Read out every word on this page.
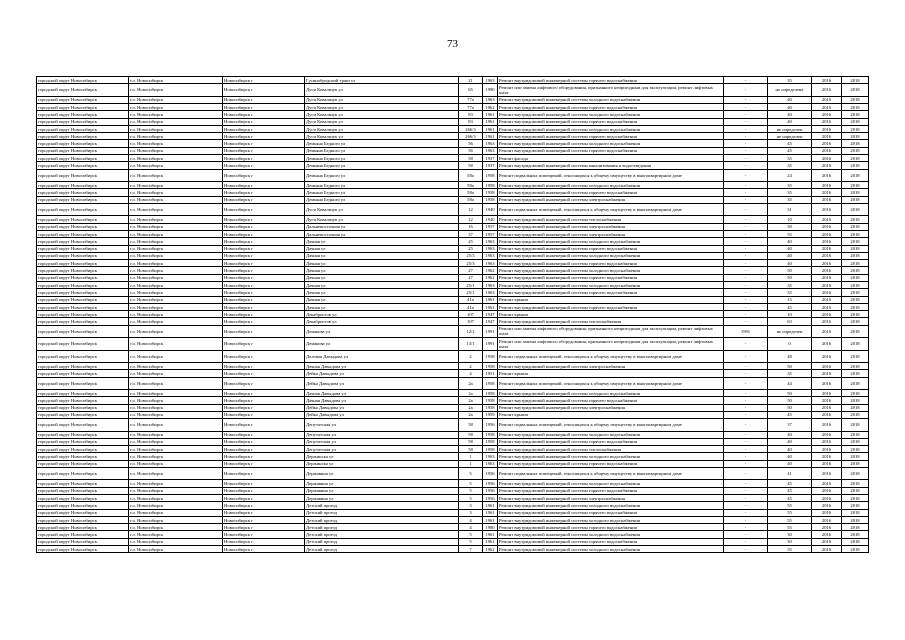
73
городской округ Новосибирск	г.о. Новосибирск	Новосибирск г	Гусинобродский тракт ш	21	1963	Ремонт внутридомовой инженерной системы горячего водоснабжения	-	35	2016	2018
городской округ Новосибирск	г.о. Новосибирск	Новосибирск г	Дуси Ковальчук ул	65	1990	Ремонт или замена лифтового оборудования, признанного непригодным для эксплуатации, ремонт лифтовых шахт	-	не определена	2016	2018
городской округ Новосибирск	г.о. Новосибирск	Новосибирск г	Дуси Ковальчук ул	77а	1963	Ремонт внутридомовой инженерной системы холодного водоснабжения	-	40	2016	2018
городской округ Новосибирск	г.о. Новосибирск	Новосибирск г	Дуси Ковальчук ул	77а	1962	Ремонт внутридомовой инженерной системы горячего водоснабжения	-	40	2016	2018
городской округ Новосибирск	г.о. Новосибирск	Новосибирск г	Дуси Ковальчук ул	83	1961	Ремонт внутридомовой инженерной системы холодного водоснабжения	-	40	2016	2018
городской округ Новосибирск	г.о. Новосибирск	Новосибирск г	Дуси Ковальчук ул	83	1961	Ремонт внутридомовой инженерной системы горячего водоснабжения	-	40	2016	2018
городской округ Новосибирск	г.о. Новосибирск	Новосибирск г	Дуси Ковальчук ул	266/3	1961	Ремонт внутридомовой инженерной системы холодного водоснабжения	-	не определен	2016	2018
городской округ Новосибирск	г.о. Новосибирск	Новосибирск г	Дуси Ковальчук ул	266/3	1961	Ремонт внутридомовой инженерной системы горячего водоснабжения	-	не определен	2016	2018
городской округ Новосибирск	г.о. Новосибирск	Новосибирск г	Демьяна Бедного ул	56	1963	Ремонт внутридомовой инженерной системы холодного водоснабжения	-	45	2016	2018
городской округ Новосибирск	г.о. Новосибирск	Новосибирск г	Демьяна Бедного ул	56	1963	Ремонт внутридомовой инженерной системы горячего водоснабжения	-	45	2016	2018
городской округ Новосибирск	г.о. Новосибирск	Новосибирск г	Демьяна Бедного ул	58	1937	Ремонт фасада	-	35	2016	2018
городской округ Новосибирск	г.о. Новосибирск	Новосибирск г	Демьяна Бедного ул	58	1937	Ремонт внутридомовой инженерной системы канализования и водоотведения	-	35	2016	2018
городской округ Новосибирск	г.о. Новосибирск	Новосибирск г	Демьяна Бедного ул	58а	1958	Ремонт подвальных помещений, относящихся к общему имуществу в многоквартирном доме	-	24	2016	2018
городской округ Новосибирск	г.о. Новосибирск	Новосибирск г	Демьяна Бедного ул	58а	1958	Ремонт внутридомовой инженерной системы холодного водоснабжения	-	35	2016	2018
городской округ Новосибирск	г.о. Новосибирск	Новосибирск г	Демьяна Бедного ул	58а	1958	Ремонт внутридомовой инженерной системы горячего водоснабжения	-	35	2016	2018
городской округ Новосибирск	г.о. Новосибирск	Новосибирск г	Демьяна Бедного ул	58а	1958	Ремонт внутридомовой инженерной системы электроснабжения	-	35	2016	2018
городской округ Новосибирск	г.о. Новосибирск	Новосибирск г	Дуси Ковальчук ул	12	1940	Ремонт подвальных помещений, относящихся к общему имуществу в многоквартирном доме	-	31	2016	2018
городской округ Новосибирск	г.о. Новосибирск	Новосибирск г	Дуси Ковальчук ул	12	1940	Ремонт внутридомовой инженерной системы теплоснабжения	-	10	2016	2018
городской округ Новосибирск	г.о. Новосибирск	Новосибирск г	Дальневосточная ул	16	1957	Ремонт внутридомовой инженерной системы электроснабжения	-	50	2016	2018
городской округ Новосибирск	г.о. Новосибирск	Новосибирск г	Дальневосточная ул	37	1957	Ремонт внутридомовой инженерной системы электроснабжения	-	55	2016	2018
городской округ Новосибирск	г.о. Новосибирск	Новосибирск г	Дачная ул	25	1963	Ремонт внутридомовой инженерной системы холодного водоснабжения	-	40	2016	2018
городской округ Новосибирск	г.о. Новосибирск	Новосибирск г	Дачная ул	25	1963	Ремонт внутридомовой инженерной системы горячего водоснабжения	-	40	2016	2018
городской округ Новосибирск	г.о. Новосибирск	Новосибирск г	Дачная ул	25/3	1963	Ремонт внутридомовой инженерной системы холодного водоснабжения	-	40	2016	2018
городской округ Новосибирск	г.о. Новосибирск	Новосибирск г	Дачная ул	25/3	1963	Ремонт внутридомовой инженерной системы горячего водоснабжения	-	40	2016	2018
городской округ Новосибирск	г.о. Новосибирск	Новосибирск г	Дачная ул	27	1962	Ремонт внутридомовой инженерной системы холодного водоснабжения	-	50	2016	2018
городской округ Новосибирск	г.о. Новосибирск	Новосибирск г	Дачная ул	27	1962	Ремонт внутридомовой инженерной системы горячего водоснабжения	-	50	2016	2018
городской округ Новосибирск	г.о. Новосибирск	Новосибирск г	Дачная ул	25/1	1963	Ремонт внутридомовой инженерной системы холодного водоснабжения	-	35	2016	2018
городской округ Новосибирск	г.о. Новосибирск	Новосибирск г	Дачная ул	25/1	1963	Ремонт внутридомовой инженерной системы горячего водоснабжения	-	35	2016	2018
городской округ Новосибирск	г.о. Новосибирск	Новосибирск г	Дачная ул	41а	1961	Ремонт крыши	-	15	2016	2018
городской округ Новосибирск	г.о. Новосибирск	Новосибирск г	Дачная ул	41а	1961	Ремонт внутридомовой инженерной системы горячего водоснабжения	-	45	2016	2018
городской округ Новосибирск	г.о. Новосибирск	Новосибирск г	Декабристов ул	107	1947	Ремонт крыши	-	10	2016	2018
городской округ Новосибирск	г.о. Новосибирск	Новосибирск г	Декабристов ул	107	1947	Ремонт внутридомовой инженерной системы теплоснабжения	-	63	2016	2018
городской округ Новосибирск	г.о. Новосибирск	Новосибирск г	Демакова ул	12/1	1991	Ремонт или замена лифтового оборудования, признанного непригодным для эксплуатации, ремонт лифтовых шахт	1991	не определен	2016	2018
городской округ Новосибирск	г.о. Новосибирск	Новосибирск г	Демакова ул	13/1	1991	Ремонт или замена лифтового оборудования, признанного непригодным для эксплуатации, ремонт лифтовых шахт	-	0	2016	2018
городской округ Новосибирск	г.о. Новосибирск	Новосибирск г	Деловая Давыдова ул	2	1958	Ремонт подвальных помещений, относящихся к общему имуществу в многоквартирном доме	-	48	2016	2018
городской округ Новосибирск	г.о. Новосибирск	Новосибирск г	Дачная Давыдова ул	2	1958	Ремонт внутридомовой инженерной системы электроснабжения	-	50	2016	2018
городской округ Новосибирск	г.о. Новосибирск	Новосибирск г	Дейка Давыдова ул	4	1951	Ремонт крыши	-	35	2016	2018
городской округ Новосибирск	г.о. Новосибирск	Новосибирск г	Дейка Давыдова ул	2а	1958	Ремонт подвальных помещений, относящихся к общему имуществу в многоквартирном доме	-	44	2016	2018
городской округ Новосибирск	г.о. Новосибирск	Новосибирск г	Дачная Давыдова ул	2а	1958	Ремонт внутридомовой инженерной системы холодного водоснабжения	-	50	2016	2018
городской округ Новосибирск	г.о. Новосибирск	Новосибирск г	Дачная Давыдова ул	2а	1958	Ремонт внутридомовой инженерной системы горячего водоснабжения	-	50	2016	2018
городской округ Новосибирск	г.о. Новосибирск	Новосибирск г	Дейка Давыдова ул	2а	1958	Ремонт внутридомовой инженерной системы электроснабжения	-	50	2016	2018
городской округ Новосибирск	г.о. Новосибирск	Новосибирск г	Дейка Давыдова ул	2а	1959	Ремонт крыши	-	45	2016	2018
городской округ Новосибирск	г.о. Новосибирск	Новосибирск г	Депутатская ул	58	1956	Ремонт подвальных помещений, относящихся к общему имуществу в многоквартирном доме	-	37	2016	2018
городской округ Новосибирск	г.о. Новосибирск	Новосибирск г	Депутатская ул	58	1958	Ремонт внутридомовой инженерной системы холодного водоснабжения	-	40	2016	2018
городской округ Новосибирск	г.о. Новосибирск	Новосибирск г	Депутатская ул	58	1958	Ремонт внутридомовой инженерной системы горячего водоснабжения	-	40	2016	2018
городской округ Новосибирск	г.о. Новосибирск	Новосибирск г	Депутатская ул	58	1958	Ремонт внутридомовой инженерной системы теплоснабжения	-	40	2016	2018
городской округ Новосибирск	г.о. Новосибирск	Новосибирск г	Держинска ул	1	1963	Ремонт внутридомовой инженерной системы холодного водоснабжения	-	40	2016	2018
городской округ Новосибирск	г.о. Новосибирск	Новосибирск г	Держинска ул	1	1963	Ремонт внутридомовой инженерной системы горячего водоснабжения	-	40	2016	2018
городской округ Новосибирск	г.о. Новосибирск	Новосибирск г	Державина ул	5	1956	Ремонт подвальных помещений, относящихся к общему имуществу в многоквартирном доме	-	41	2016	2018
городской округ Новосибирск	г.о. Новосибирск	Новосибирск г	Державина ул	5	1956	Ремонт внутридомовой инженерной системы холодного водоснабжения	-	45	2016	2018
городской округ Новосибирск	г.о. Новосибирск	Новосибирск г	Державина ул	5	1956	Ремонт внутридомовой инженерной системы горячего водоснабжения	-	45	2016	2018
городской округ Новосибирск	г.о. Новосибирск	Новосибирск г	Державина ул	5	1956	Ремонт внутридомовой инженерной системы электроснабжения	-	45	2016	2018
городской округ Новосибирск	г.о. Новосибирск	Новосибирск г	Детский проезд	3	1961	Ремонт внутридомовой инженерной системы холодного водоснабжения	-	55	2016	2018
городской округ Новосибирск	г.о. Новосибирск	Новосибирск г	Детский проезд	3	1961	Ремонт внутридомовой инженерной системы горячего водоснабжения	-	55	2016	2018
городской округ Новосибирск	г.о. Новосибирск	Новосибирск г	Детский проезд	4	1961	Ремонт внутридомовой инженерной системы холодного водоснабжения	-	55	2016	2018
городской округ Новосибирск	г.о. Новосибирск	Новосибирск г	Детский проезд	4	1980	Ремонт внутридомовой инженерной системы горячего водоснабжения	-	55	2016	2018
городской округ Новосибирск	г.о. Новосибирск	Новосибирск г	Детский проезд	5	1961	Ремонт внутридомовой инженерной системы холодного водоснабжения	-	30	2016	2018
городской округ Новосибирск	г.о. Новосибирск	Новосибирск г	Детский проезд	5	1961	Ремонт внутридомовой инженерной системы горячего водоснабжения	-	30	2016	2018
городской округ Новосибирск	г.о. Новосибирск	Новосибирск г	Детский проезд	7	1962	Ремонт внутридомовой инженерной системы холодного водоснабжения	-	55	2016	2018
